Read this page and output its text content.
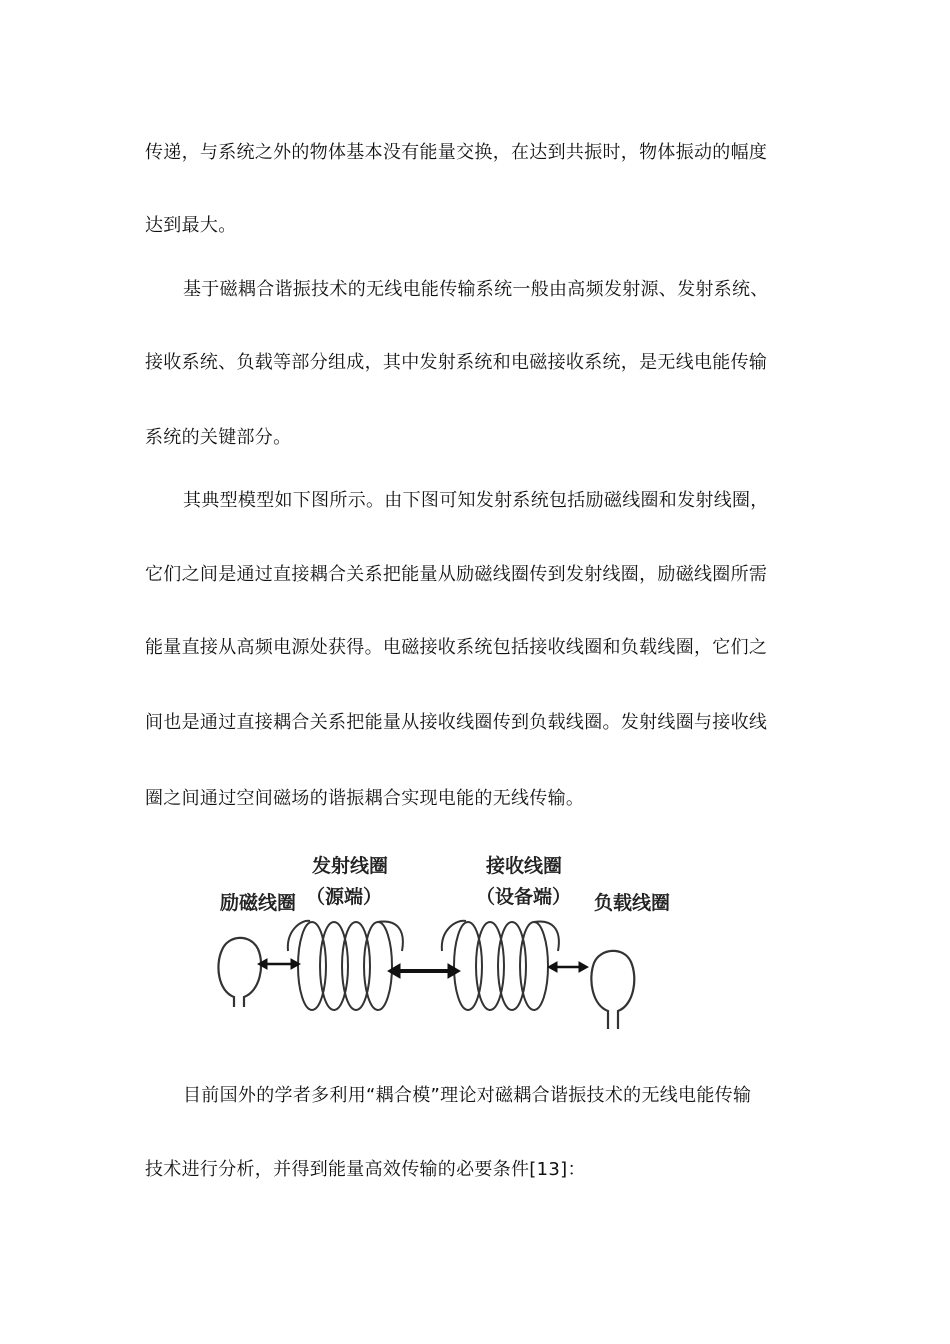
传递，与系统之外的物体基本没有能量交换，在达到共振时，物体振动的幅度
达到最大。
基于磁耦合谐振技术的无线电能传输系统一般由高频发射源、发射系统、
接收系统、负载等部分组成，其中发射系统和电磁接收系统，是无线电能传输
系统的关键部分。
其典型模型如下图所示。由下图可知发射系统包括励磁线圈和发射线圈，
它们之间是通过直接耦合关系把能量从励磁线圈传到发射线圈，励磁线圈所需
能量直接从高频电源处获得。电磁接收系统包括接收线圈和负载线圈，它们之
间也是通过直接耦合关系把能量从接收线圈传到负载线圈。发射线圈与接收线
圈之间通过空间磁场的谐振耦合实现电能的无线传输。
励磁线圈
发射线圈
（源端）
接收线圈
（设备端） 负载线圈
目前国外的学者多利用“耦合模”理论对磁耦合谐振技术的无线电能传输
技术进行分析，并得到能量高效传输的必要条件[13]：
